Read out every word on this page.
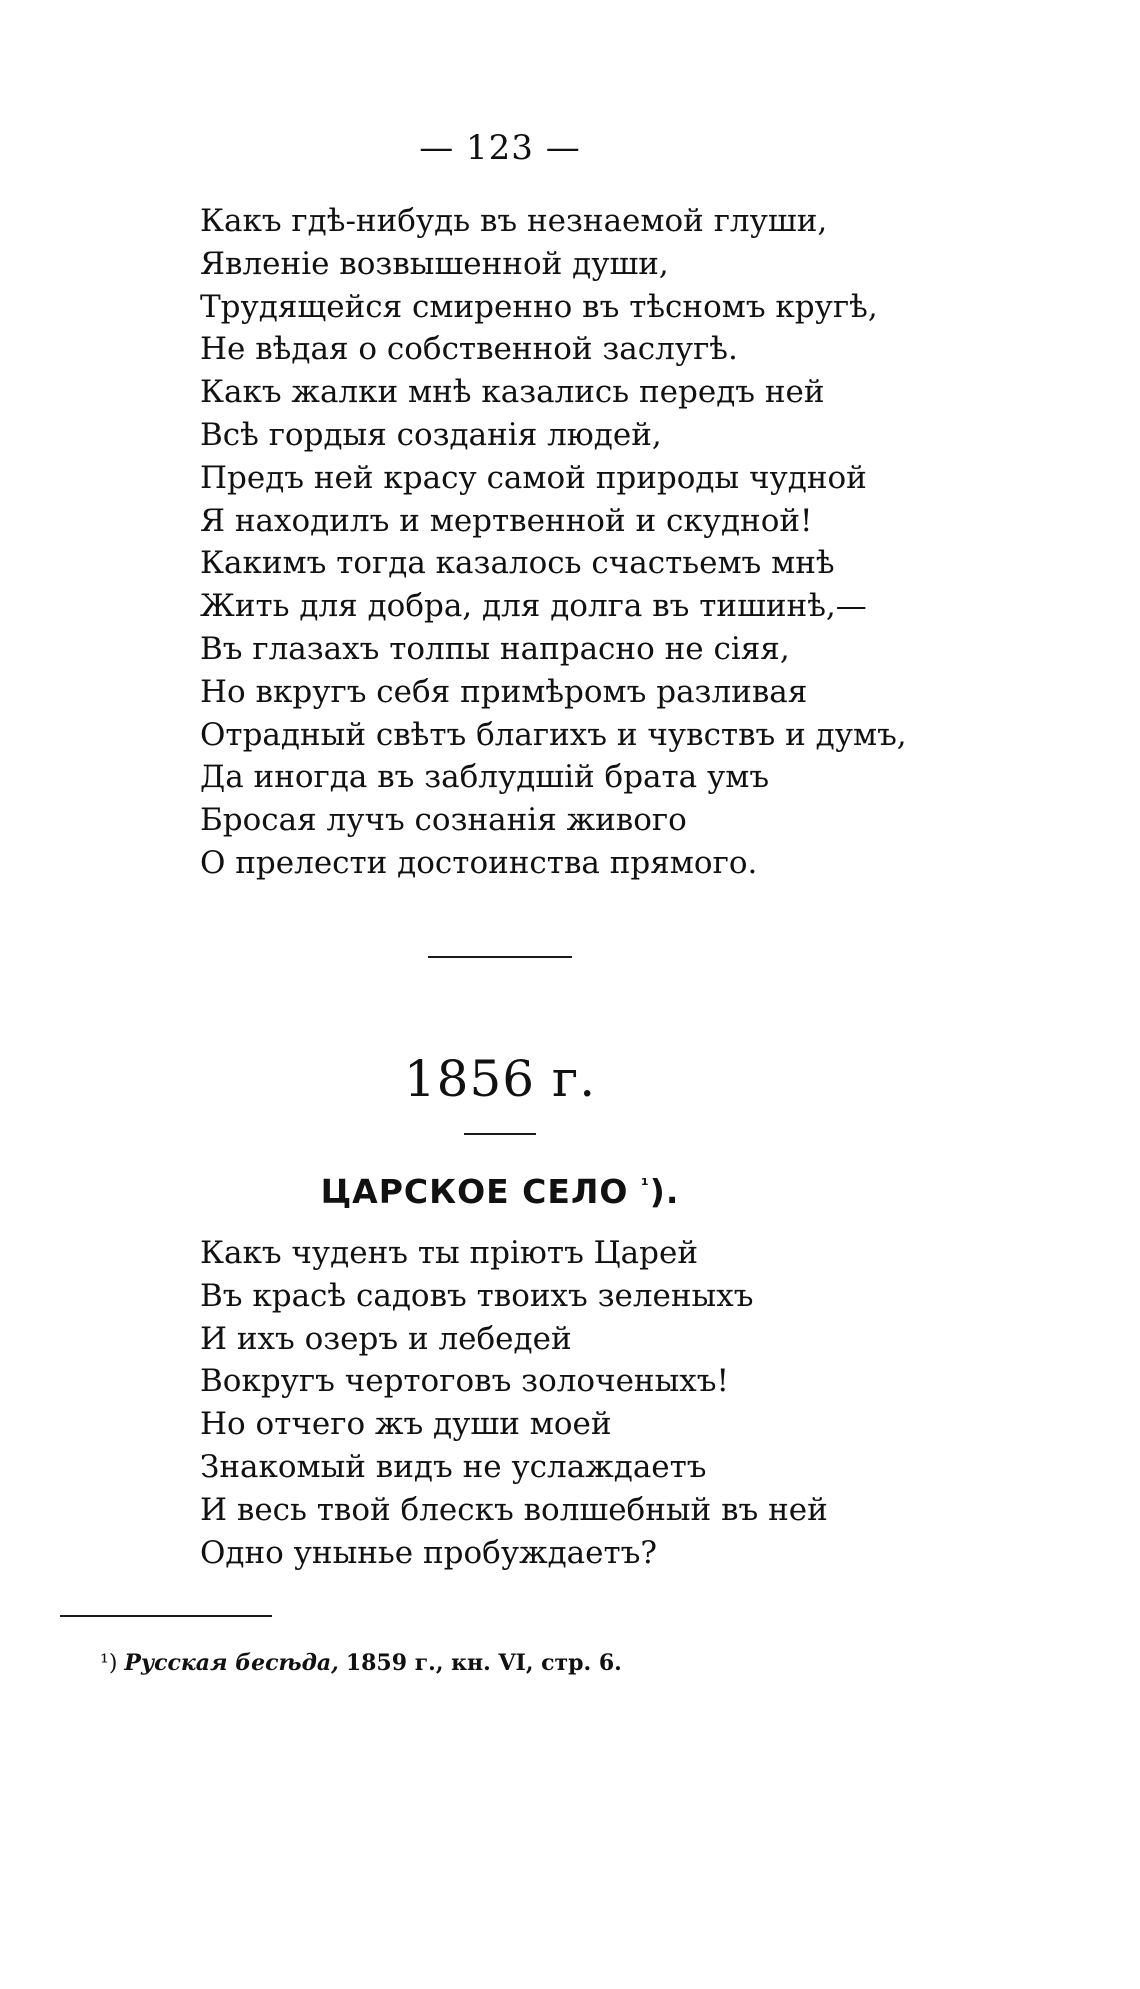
— 123 —
Какъ гдѣ-нибудь въ незнаемой глуши,
Явленіе возвышенной души,
Трудящейся смиренно въ тѣсномъ кругѣ,
Не вѣдая о собственной заслугѣ.
Какъ жалки мнѣ казались передъ ней
Всѣ гордыя созданія людей,
Предъ ней красу самой природы чудной
Я находилъ и мертвенной и скудной!
Какимъ тогда казалось счастьемъ мнѣ
Жить для добра, для долга въ тишинѣ,—
Въ глазахъ толпы напрасно не сіяя,
Но вкругъ себя примѣромъ разливая
Отрадный свѣтъ благихъ и чувствъ и думъ,
Да иногда въ заблудшій брата умъ
Бросая лучъ сознанія живого
О прелести достоинства прямого.
1856 г.
ЦАРСКОЕ СЕЛО $^{^1}$).
Какъ чуденъ ты пріютъ Царей
Въ красѣ садовъ твоихъ зеленыхъ
И ихъ озеръ и лебедей
Вокругъ чертоговъ золоченыхъ!
Но отчего жъ души моей
Знакомый видъ не услаждаетъ
И весь твой блескъ волшебный въ ней
Одно унынье пробуждаетъ?
¹) Русская бесѣда, 1859 г., кн. VI, стр. 6.
